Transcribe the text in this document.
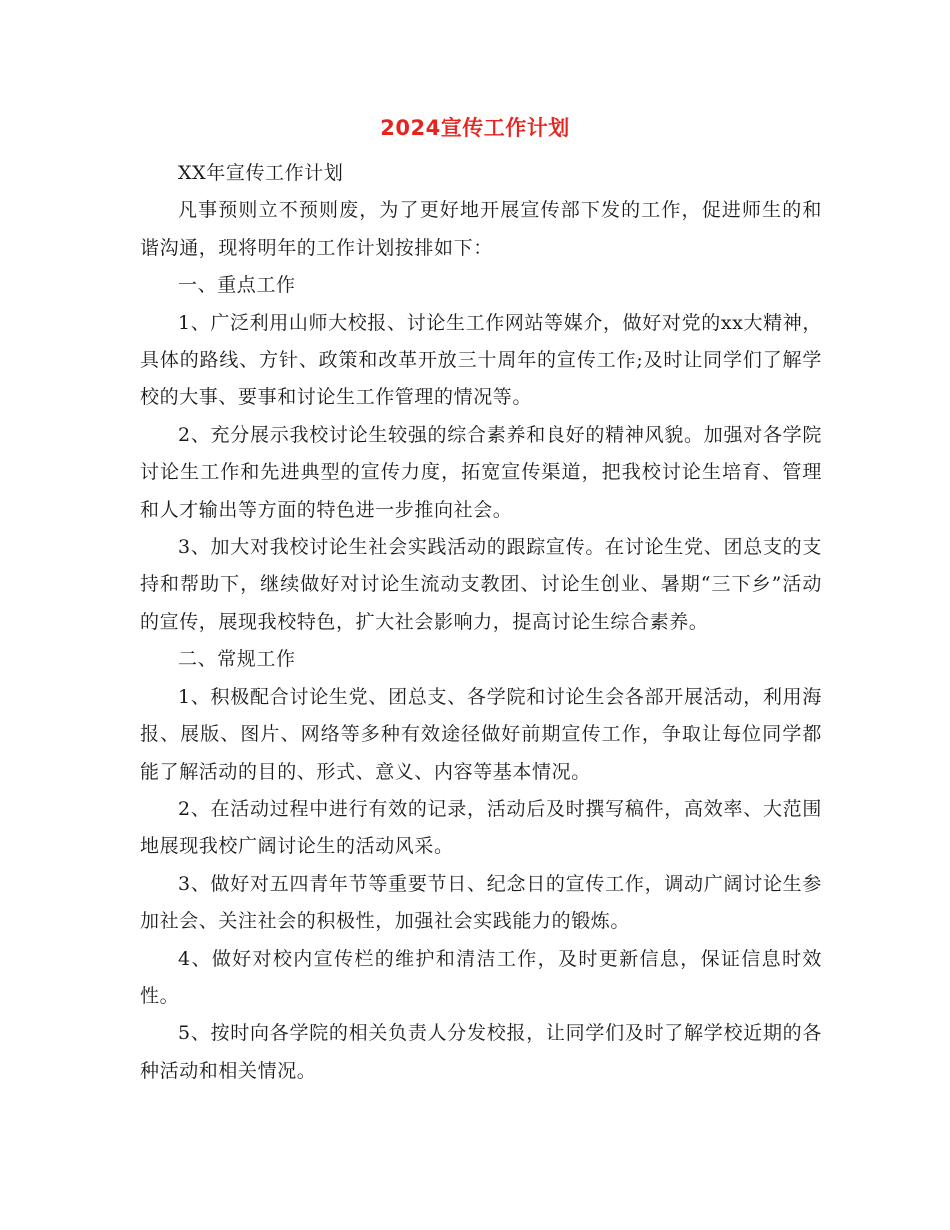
2024宣传工作计划

XX年宣传工作计划

凡事预则立不预则废，为了更好地开展宣传部下发的工作，促进师生的和谐沟通，现将明年的工作计划按排如下：

一、重点工作

1、广泛利用山师大校报、讨论生工作网站等媒介，做好对党的xx大精神，具体的路线、方针、政策和改革开放三十周年的宣传工作;及时让同学们了解学校的大事、要事和讨论生工作管理的情况等。

2、充分展示我校讨论生较强的综合素养和良好的精神风貌。加强对各学院讨论生工作和先进典型的宣传力度，拓宽宣传渠道，把我校讨论生培育、管理和人才输出等方面的特色进一步推向社会。

3、加大对我校讨论生社会实践活动的跟踪宣传。在讨论生党、团总支的支持和帮助下，继续做好对讨论生流动支教团、讨论生创业、暑期“三下乡”活动的宣传，展现我校特色，扩大社会影响力，提高讨论生综合素养。

二、常规工作

1、积极配合讨论生党、团总支、各学院和讨论生会各部开展活动，利用海报、展版、图片、网络等多种有效途径做好前期宣传工作，争取让每位同学都能了解活动的目的、形式、意义、内容等基本情况。

2、在活动过程中进行有效的记录，活动后及时撰写稿件，高效率、大范围地展现我校广阔讨论生的活动风采。

3、做好对五四青年节等重要节日、纪念日的宣传工作，调动广阔讨论生参加社会、关注社会的积极性，加强社会实践能力的锻炼。

4、做好对校内宣传栏的维护和清洁工作，及时更新信息，保证信息时效性。

5、按时向各学院的相关负责人分发校报，让同学们及时了解学校近期的各种活动和相关情况。
